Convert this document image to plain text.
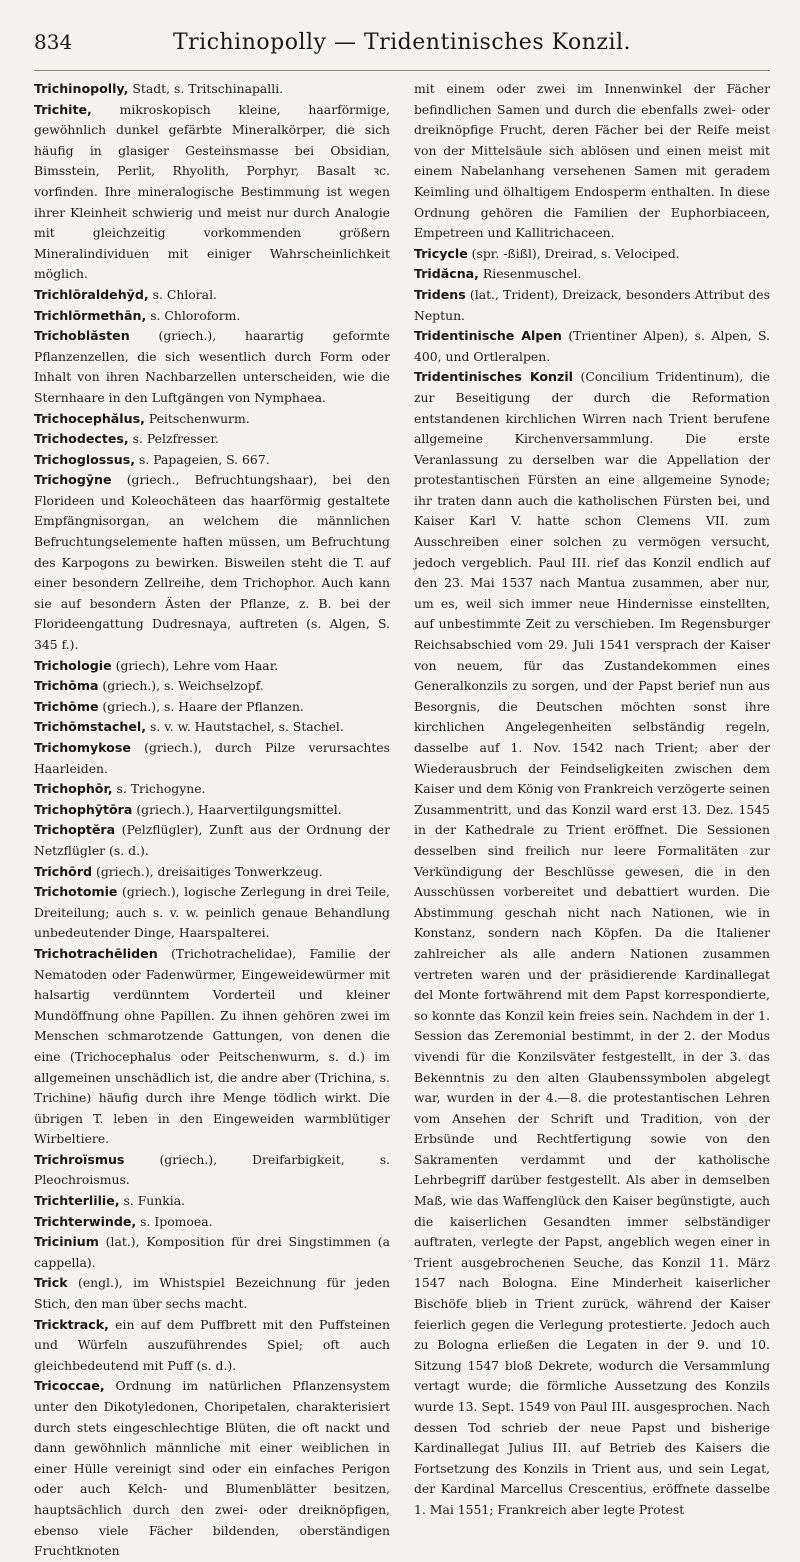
834	Trichinopolly — Tridentinisches Konzil.

Trichinopolly, Stadt, s. Tritschinapalli.

Trichite, mikroskopisch kleine, haarförmige, gewöhnlich dunkel gefärbte Mineralkörper, die sich häufig in glasiger Gesteinsmasse bei Obsidian, Bimsstein, Perlit, Rhyolith, Porphyr, Basalt ꝛc. vorfinden. Ihre mineralogische Bestimmung ist wegen ihrer Kleinheit schwierig und meist nur durch Analogie mit gleichzeitig vorkommenden größern Mineralindividuen mit einiger Wahrscheinlichkeit möglich.

Trichlōraldehȳd, s. Chloral.

Trichlōrmethān, s. Chloroform.

Trichoblăsten (griech.), haarartig geformte Pflanzenzellen, die sich wesentlich durch Form oder Inhalt von ihren Nachbarzellen unterscheiden, wie die Sternhaare in den Luftgängen von Nymphaea.

Trichocephălus, Peitschenwurm.

Trichodectes, s. Pelzfresser.

Trichoglossus, s. Papageien, S. 667.

Trichogȳne (griech., Befruchtungshaar), bei den Florideen und Koleochäteen das haarförmig gestaltete Empfängnisorgan, an welchem die männlichen Befruchtungselemente haften müssen, um Befruchtung des Karpogons zu bewirken. Bisweilen steht die T. auf einer besondern Zellreihe, dem Trichophor. Auch kann sie auf besondern Ästen der Pflanze, z. B. bei der Florideengattung Dudresnaya, auftreten (s. Algen, S. 345 f.).

Trichologie (griech), Lehre vom Haar.

Trichōma (griech.), s. Weichselzopf.

Trichōme (griech.), s. Haare der Pflanzen.

Trichōmstachel, s. v. w. Hautstachel, s. Stachel.

Trichomykose (griech.), durch Pilze verursachtes Haarleiden.

Trichophōr, s. Trichogyne.

Trichophȳtōra (griech.), Haarvertilgungsmittel.

Trichoptĕra (Pelzflügler), Zunft aus der Ordnung der Netzflügler (s. d.).

Trichōrd (griech.), dreisaitiges Tonwerkzeug.

Trichotomie (griech.), logische Zerlegung in drei Teile, Dreiteilung; auch s. v. w. peinlich genaue Behandlung unbedeutender Dinge, Haarspalterei.

Trichotrachēliden (Trichotrachelidae), Familie der Nematoden oder Fadenwürmer, Eingeweidewürmer mit halsartig verdünntem Vorderteil und kleiner Mundöffnung ohne Papillen. Zu ihnen gehören zwei im Menschen schmarotzende Gattungen, von denen die eine (Trichocephalus oder Peitschenwurm, s. d.) im allgemeinen unschädlich ist, die andre aber (Trichina, s. Trichine) häufig durch ihre Menge tödlich wirkt. Die übrigen T. leben in den Eingeweiden warmblütiger Wirbeltiere.

Trichroïsmus (griech.), Dreifarbigkeit, s. Pleochroismus.

Trichterlilie, s. Funkia.

Trichterwinde, s. Ipomoea.

Tricinium (lat.), Komposition für drei Singstimmen (a cappella).

Trick (engl.), im Whistspiel Bezeichnung für jeden Stich, den man über sechs macht.

Tricktrack, ein auf dem Puffbrett mit den Puffsteinen und Würfeln auszuführendes Spiel; oft auch gleichbedeutend mit Puff (s. d.).

Tricoccae, Ordnung im natürlichen Pflanzensystem unter den Dikotyledonen, Choripetalen, charakterisiert durch stets eingeschlechtige Blüten, die oft nackt und dann gewöhnlich männliche mit einer weiblichen in einer Hülle vereinigt sind oder ein einfaches Perigon oder auch Kelch- und Blumenblätter besitzen, hauptsächlich durch den zwei- oder dreiknöpfigen, ebenso viele Fächer bildenden, oberständigen Fruchtknoten

mit einem oder zwei im Innenwinkel der Fächer befindlichen Samen und durch die ebenfalls zwei- oder dreiknöpfige Frucht, deren Fächer bei der Reife meist von der Mittelsäule sich ablösen und einen meist mit einem Nabelanhang versehenen Samen mit geradem Keimling und ölhaltigem Endosperm enthalten. In diese Ordnung gehören die Familien der Euphorbiaceen, Empetreen und Kallitrichaceen.

Tricycle (spr. -ßißl), Dreirad, s. Velociped.

Tridăcna, Riesenmuschel.

Tridens (lat., Trident), Dreizack, besonders Attribut des Neptun.

Tridentinische Alpen (Trientiner Alpen), s. Alpen, S. 400, und Ortleralpen.

Tridentinisches Konzil (Concilium Tridentinum), die zur Beseitigung der durch die Reformation entstandenen kirchlichen Wirren nach Trient berufene allgemeine Kirchenversammlung. Die erste Veranlassung zu derselben war die Appellation der protestantischen Fürsten an eine allgemeine Synode; ihr traten dann auch die katholischen Fürsten bei, und Kaiser Karl V. hatte schon Clemens VII. zum Ausschreiben einer solchen zu vermögen versucht, jedoch vergeblich. Paul III. rief das Konzil endlich auf den 23. Mai 1537 nach Mantua zusammen, aber nur, um es, weil sich immer neue Hindernisse einstellten, auf unbestimmte Zeit zu verschieben. Im Regensburger Reichsabschied vom 29. Juli 1541 versprach der Kaiser von neuem, für das Zustandekommen eines Generalkonzils zu sorgen, und der Papst berief nun aus Besorgnis, die Deutschen möchten sonst ihre kirchlichen Angelegenheiten selbständig regeln, dasselbe auf 1. Nov. 1542 nach Trient; aber der Wiederausbruch der Feindseligkeiten zwischen dem Kaiser und dem König von Frankreich verzögerte seinen Zusammentritt, und das Konzil ward erst 13. Dez. 1545 in der Kathedrale zu Trient eröffnet. Die Sessionen desselben sind freilich nur leere Formalitäten zur Verkündigung der Beschlüsse gewesen, die in den Ausschüssen vorbereitet und debattiert wurden. Die Abstimmung geschah nicht nach Nationen, wie in Konstanz, sondern nach Köpfen. Da die Italiener zahlreicher als alle andern Nationen zusammen vertreten waren und der präsidierende Kardinallegat del Monte fortwährend mit dem Papst korrespondierte, so konnte das Konzil kein freies sein. Nachdem in der 1. Session das Zeremonial bestimmt, in der 2. der Modus vivendi für die Konzilsväter festgestellt, in der 3. das Bekenntnis zu den alten Glaubenssymbolen abgelegt war, wurden in der 4.—8. die protestantischen Lehren vom Ansehen der Schrift und Tradition, von der Erbsünde und Rechtfertigung sowie von den Sakramenten verdammt und der katholische Lehrbegriff darüber festgestellt. Als aber in demselben Maß, wie das Waffenglück den Kaiser begünstigte, auch die kaiserlichen Gesandten immer selbständiger auftraten, verlegte der Papst, angeblich wegen einer in Trient ausgebrochenen Seuche, das Konzil 11. März 1547 nach Bologna. Eine Minderheit kaiserlicher Bischöfe blieb in Trient zurück, während der Kaiser feierlich gegen die Verlegung protestierte. Jedoch auch zu Bologna erließen die Legaten in der 9. und 10. Sitzung 1547 bloß Dekrete, wodurch die Versammlung vertagt wurde; die förmliche Aussetzung des Konzils wurde 13. Sept. 1549 von Paul III. ausgesprochen. Nach dessen Tod schrieb der neue Papst und bisherige Kardinallegat Julius III. auf Betrieb des Kaisers die Fortsetzung des Konzils in Trient aus, und sein Legat, der Kardinal Marcellus Crescentius, eröffnete dasselbe 1. Mai 1551; Frankreich aber legte Protest
